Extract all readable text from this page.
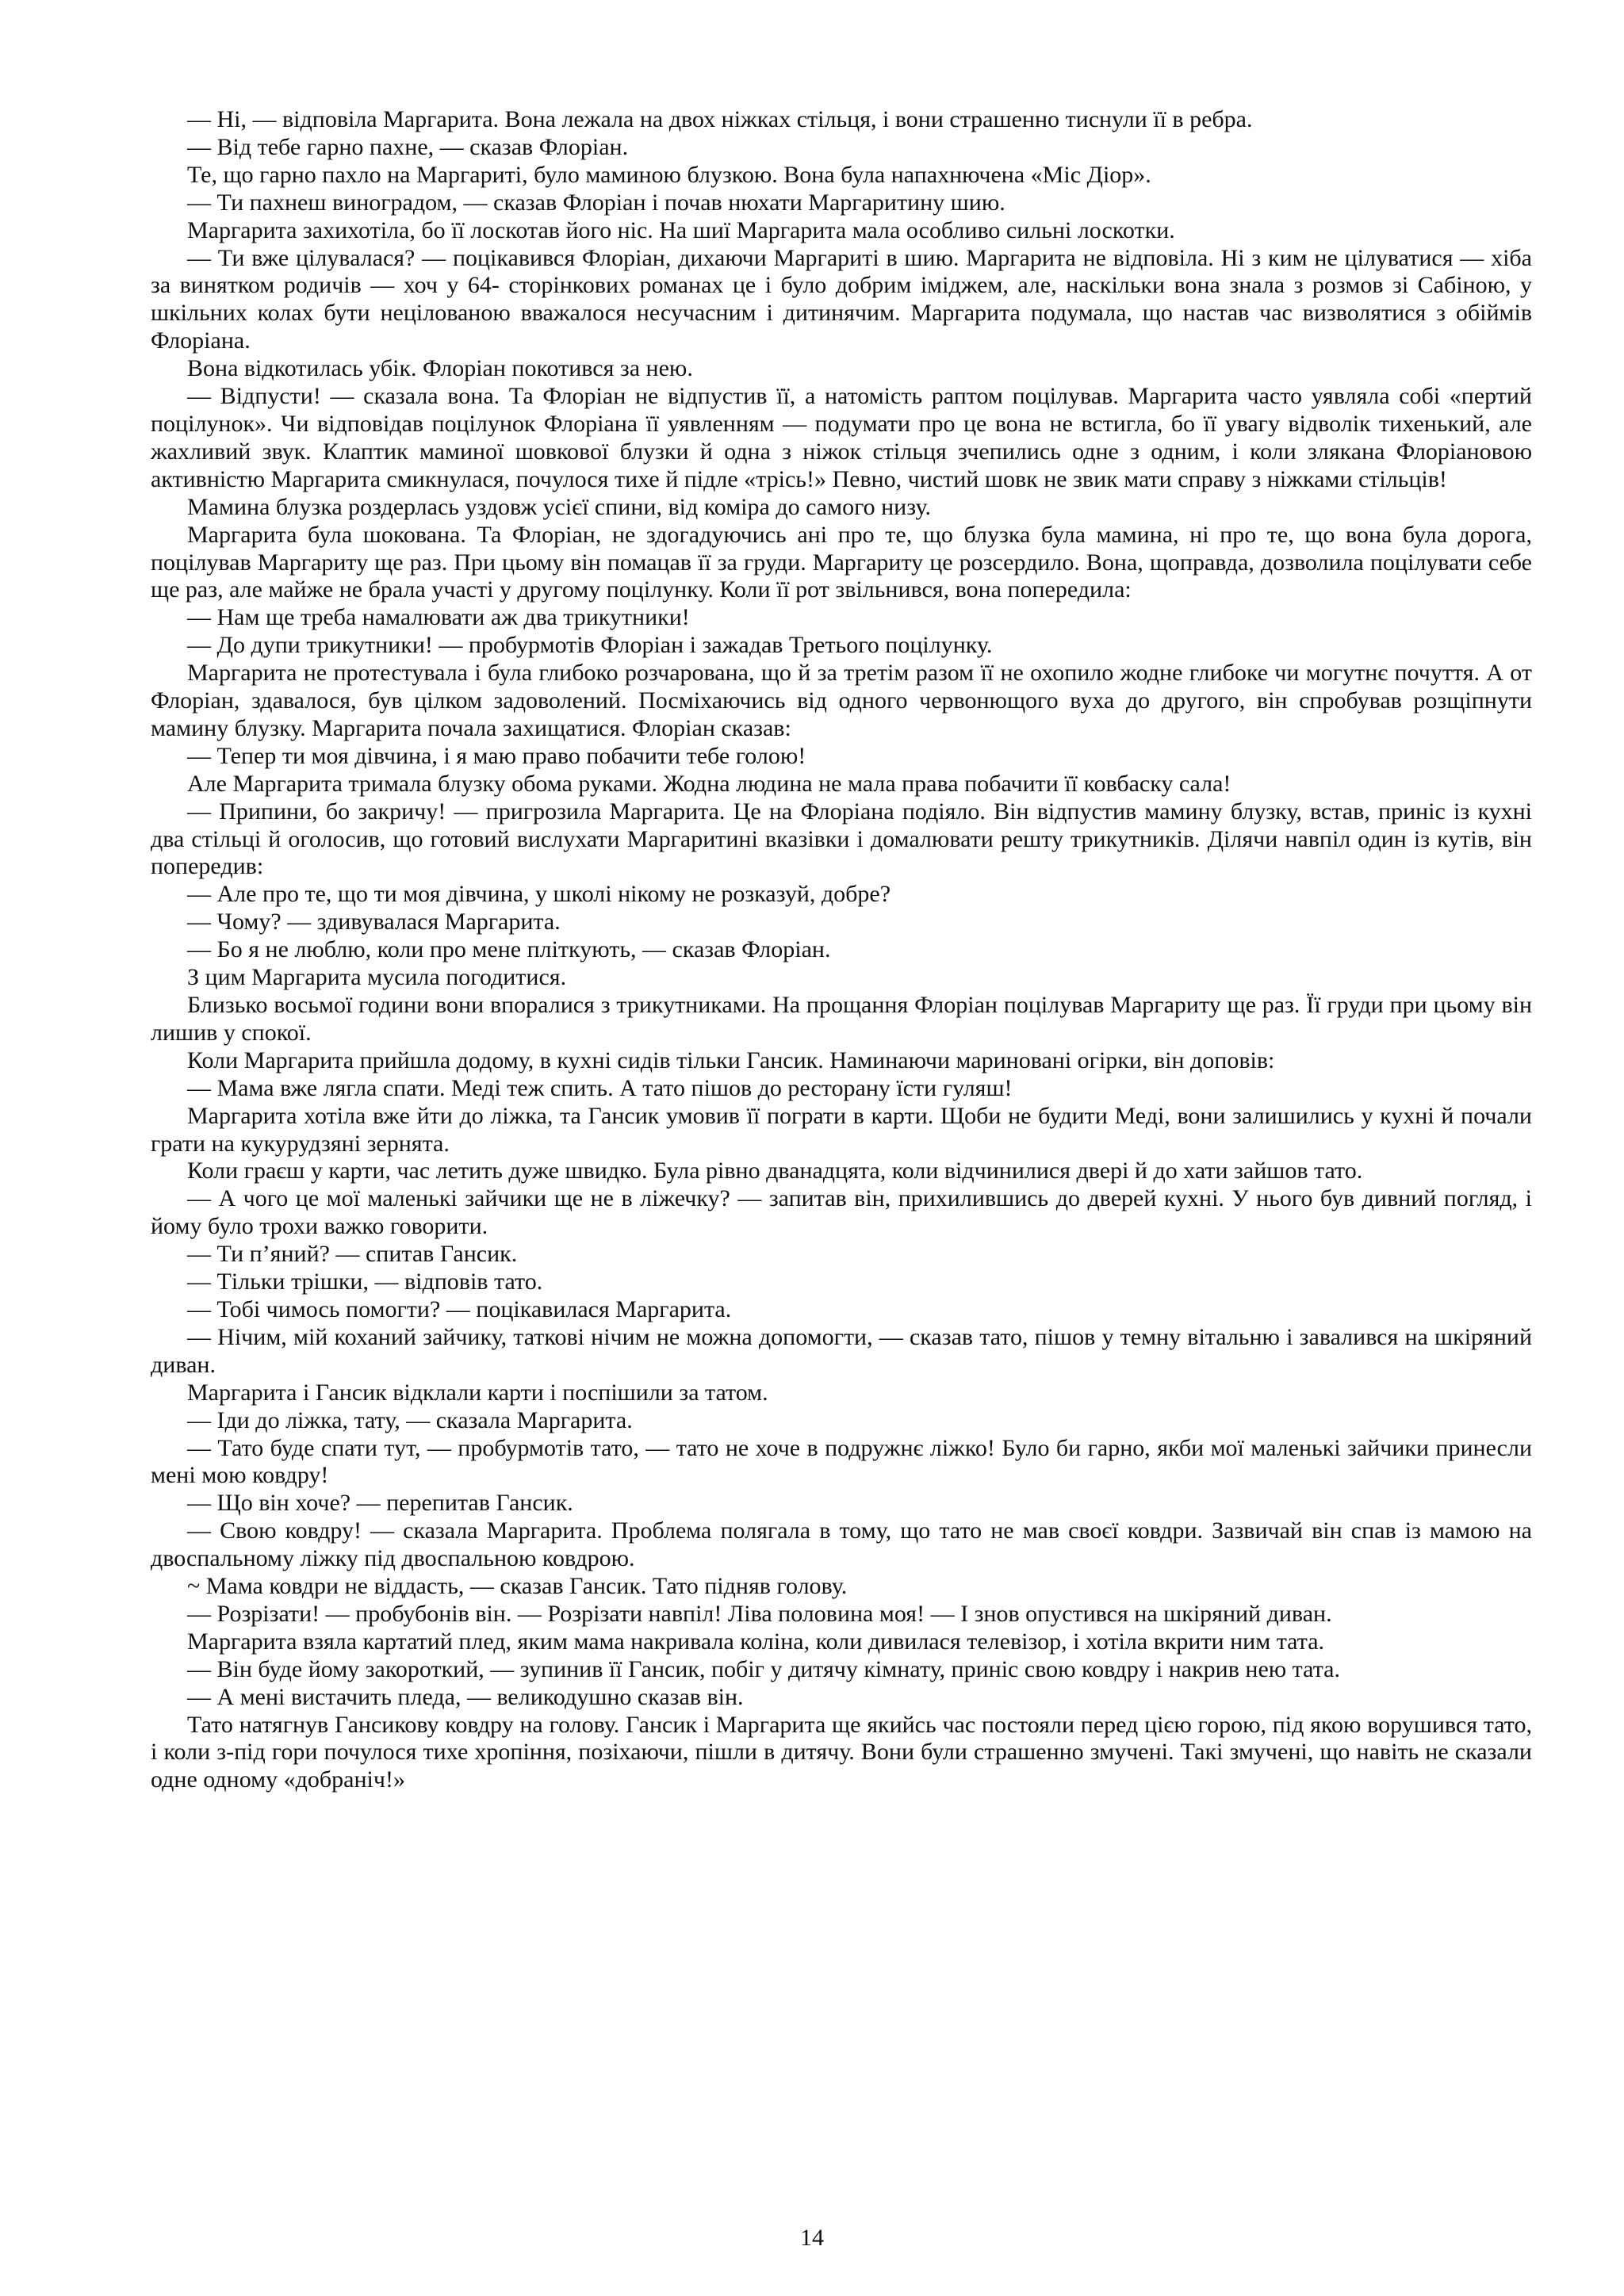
— Ні, — відповіла Маргарита. Вона лежала на двох ніжках стільця, і вони страшенно тиснули її в ребра.

— Від тебе гарно пахне, — сказав Флоріан.

Те, що гарно пахло на Маргариті, було маминою блузкою. Вона була напахнючена «Міс Діор».

— Ти пахнеш виноградом, — сказав Флоріан і почав нюхати Маргаритину шию.

Маргарита захихотіла, бо її лоскотав його ніс. На шиї Маргарита мала особливо сильні лоскотки.

— Ти вже цілувалася? — поцікавився Флоріан, дихаючи Маргариті в шию. Маргарита не відповіла. Ні з ким не цілуватися — хіба за винятком родичів — хоч у 64- сторінкових романах це і було добрим іміджем, але, наскільки вона знала з розмов зі Сабіною, у шкільних колах бути нецілованою вважалося несучасним і дитинячим. Маргарита подумала, що настав час визволятися з обіймів Флоріана.

Вона відкотилась убік. Флоріан покотився за нею.

— Відпусти! — сказала вона. Та Флоріан не відпустив її, а натомість раптом поцілував. Маргарита часто уявляла собі «пертий поцілунок». Чи відповідав поцілунок Флоріана її уявленням — подумати про це вона не встигла, бо її увагу відволік тихенький, але жахливий звук. Клаптик маминої шовкової блузки й одна з ніжок стільця зчепились одне з одним, і коли злякана Флоріановою активністю Маргарита смикнулася, почулося тихе й підле «трісь!» Певно, чистий шовк не звик мати справу з ніжками стільців!

Мамина блузка роздерлась уздовж усієї спини, від коміра до самого низу.

Маргарита була шокована. Та Флоріан, не здогадуючись ані про те, що блузка була мамина, ні про те, що вона була дорога, поцілував Маргариту ще раз. При цьому він помацав її за груди. Маргариту це розсердило. Вона, щоправда, дозволила поцілувати себе ще раз, але майже не брала участі у другому поцілунку. Коли її рот звільнився, вона попередила:

— Нам ще треба намалювати аж два трикутники!

— До дупи трикутники! — пробурмотів Флоріан і зажадав Третього поцілунку.

Маргарита не протестувала і була глибоко розчарована, що й за третім разом її не охопило жодне глибоке чи могутнє почуття. А от Флоріан, здавалося, був цілком задоволений. Посміхаючись від одного червонющого вуха до другого, він спробував розщіпнути мамину блузку. Маргарита почала захищатися. Флоріан сказав:

— Тепер ти моя дівчина, і я маю право побачити тебе голою!

Але Маргарита тримала блузку обома руками. Жодна людина не мала права побачити її ковбаску сала!

— Припини, бо закричу! — пригрозила Маргарита. Це на Флоріана подіяло. Він відпустив мамину блузку, встав, приніс із кухні два стільці й оголосив, що готовий вислухати Маргаритині вказівки і домалювати решту трикутників. Ділячи навпіл один із кутів, він попередив:

— Але про те, що ти моя дівчина, у школі нікому не розказуй, добре?

— Чому? — здивувалася Маргарита.

— Бо я не люблю, коли про мене пліткують, — сказав Флоріан.

З цим Маргарита мусила погодитися.

Близько восьмої години вони впоралися з трикутниками. На прощання Флоріан поцілував Маргариту ще раз. Її груди при цьому він лишив у спокої.

Коли Маргарита прийшла додому, в кухні сидів тільки Гансик. Наминаючи мариновані огірки, він доповів:

— Мама вже лягла спати. Меді теж спить. А тато пішов до ресторану їсти гуляш!

Маргарита хотіла вже йти до ліжка, та Гансик умовив її пограти в карти. Щоби не будити Меді, вони залишились у кухні й почали грати на кукурудзяні зернята.

Коли граєш у карти, час летить дуже швидко. Була рівно дванадцята, коли відчинилися двері й до хати зайшов тато.

— А чого це мої маленькі зайчики ще не в ліжечку? — запитав він, прихилившись до дверей кухні. У нього був дивний погляд, і йому було трохи важко говорити.

— Ти п’яний? — спитав Гансик.

— Тільки трішки, — відповів тато.

— Тобі чимось помогти? — поцікавилася Маргарита.

— Нічим, мій коханий зайчику, таткові нічим не можна допомогти, — сказав тато, пішов у темну вітальню і завалився на шкіряний диван.

Маргарита і Гансик відклали карти і поспішили за татом.

— Іди до ліжка, тату, — сказала Маргарита.

— Тато буде спати тут, — пробурмотів тато, — тато не хоче в подружнє ліжко! Було би гарно, якби мої маленькі зайчики принесли мені мою ковдру!

— Що він хоче? — перепитав Гансик.

— Свою ковдру! — сказала Маргарита. Проблема полягала в тому, що тато не мав своєї ковдри. Зазвичай він спав із мамою на двоспальному ліжку під двоспальною ковдрою.

~ Мама ковдри не віддасть, — сказав Гансик. Тато підняв голову.

— Розрізати! — пробубонів він. — Розрізати навпіл! Ліва половина моя! — І знов опустився на шкіряний диван.

Маргарита взяла картатий плед, яким мама накривала коліна, коли дивилася телевізор, і хотіла вкрити ним тата.

— Він буде йому закороткий, — зупинив її Гансик, побіг у дитячу кімнату, приніс свою ковдру і накрив нею тата.

— А мені вистачить пледа, — великодушно сказав він.

Тато натягнув Гансикову ковдру на голову. Гансик і Маргарита ще якийсь час постояли перед цією горою, під якою ворушився тато, і коли з-під гори почулося тихе хропіння, позіхаючи, пішли в дитячу. Вони були страшенно змучені. Такі змучені, що навіть не сказали одне одному «добраніч!»

14
